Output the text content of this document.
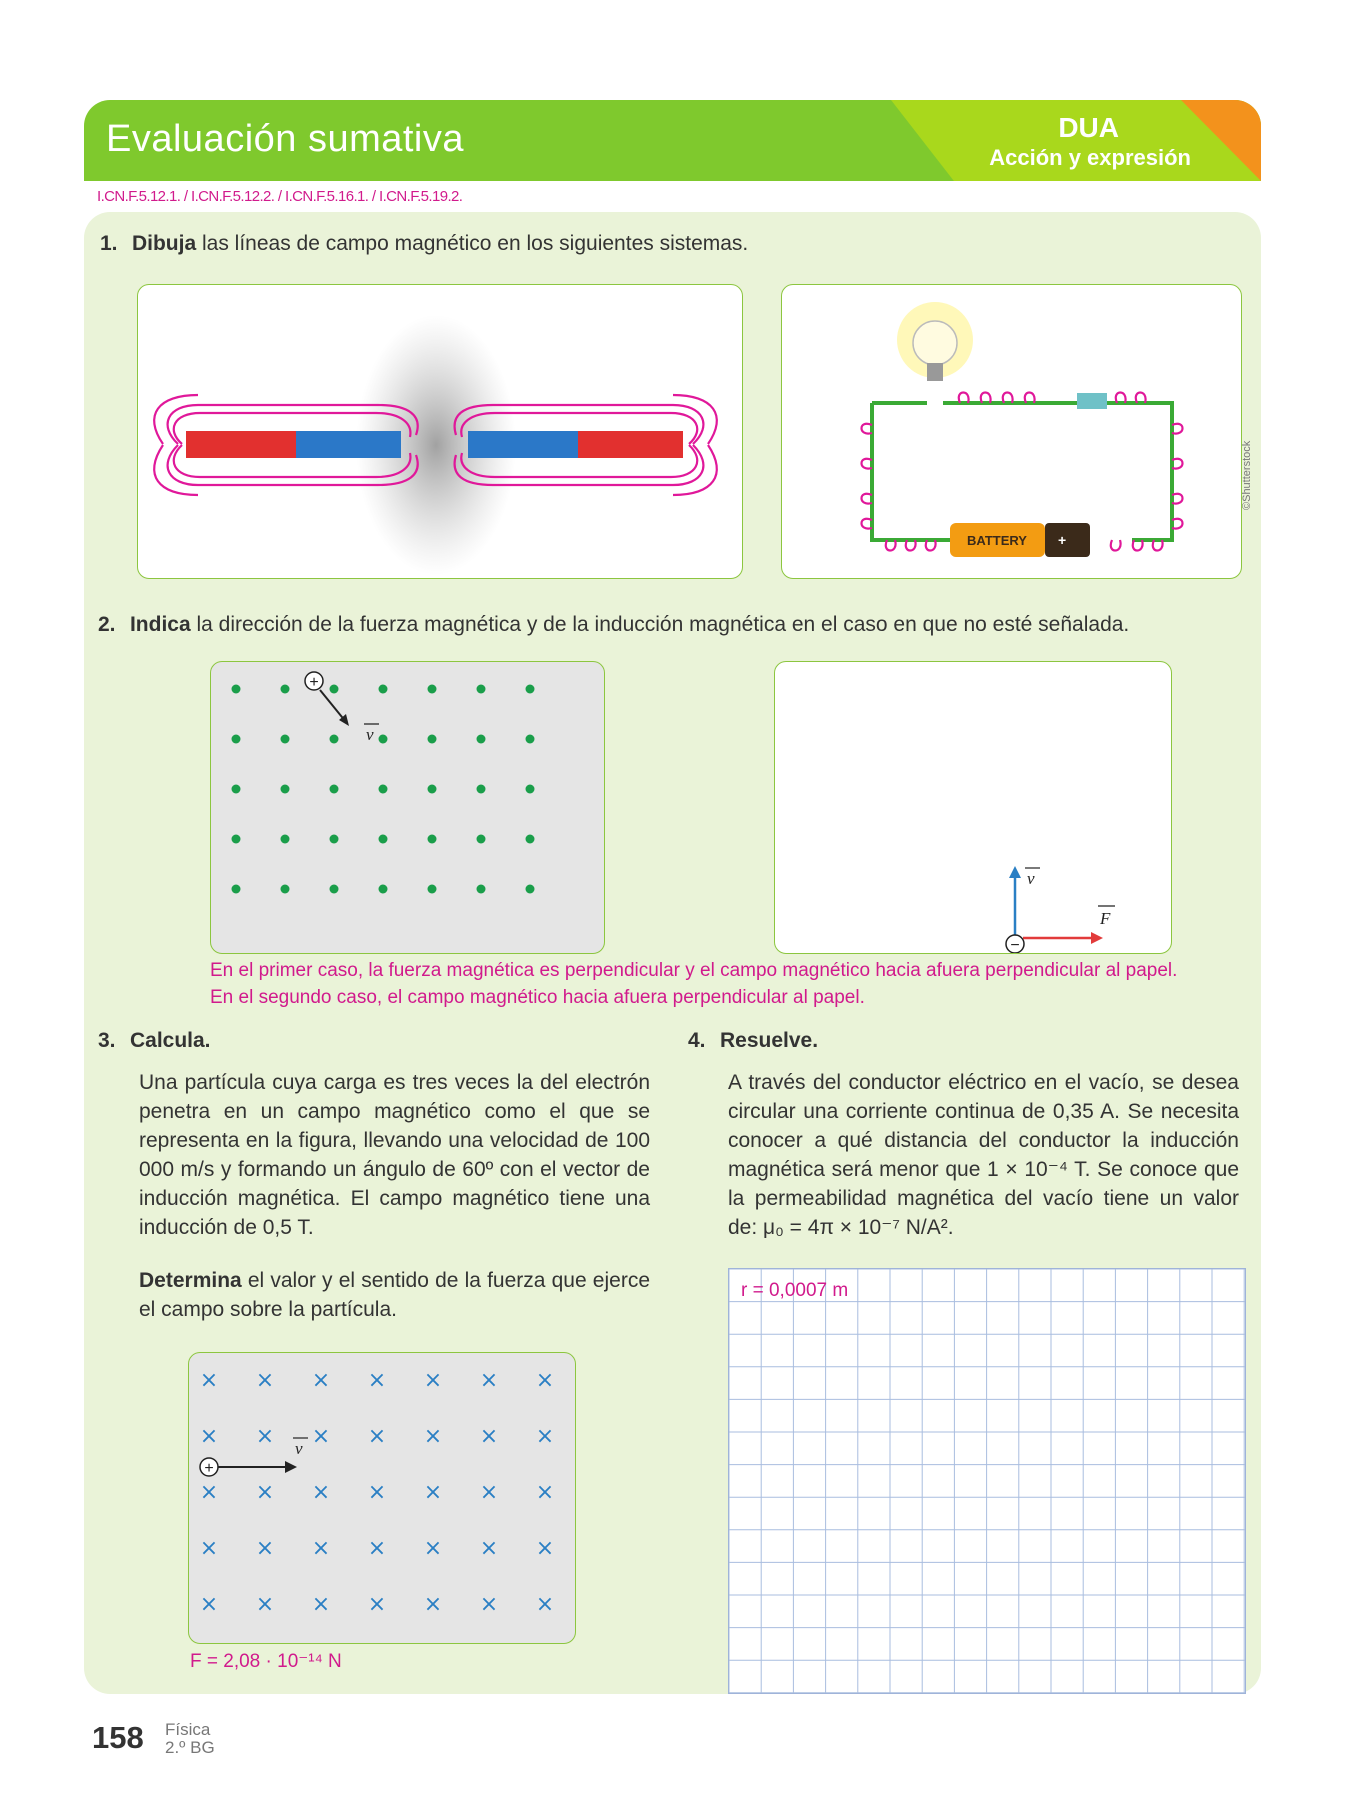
Evaluación sumativa	DUA
Acción y expresión
I.CN.F.5.12.1. / I.CN.F.5.12.2. / I.CN.F.5.16.1. / I.CN.F.5.19.2.
1. Dibuja las líneas de campo magnético en los siguientes sistemas.
BATTERY +
©Shutterstock
2. Indica la dirección de la fuerza magnética y de la inducción magnética en el caso en que no esté señalada.
+
v
v
F
−
En el primer caso, la fuerza magnética es perpendicular y el campo magnético hacia afuera perpendicular al papel. En el segundo caso, el campo magnético hacia afuera perpendicular al papel.
3. Calcula.
Una partícula cuya carga es tres veces la del electrón penetra en un campo magnético como el que se representa en la figura, llevando una velocidad de 100 000 m/s y formando un ángulo de 60º con el vector de inducción magnética. El campo magnético tiene una inducción de 0,5 T.
Determina el valor y el sentido de la fuerza que ejerce el campo sobre la partícula.
× × × × × × ×
× × × × × × ×
× × × × × × ×
× × × × × × ×
× × × × × × ×
+
v
F = 2,08 · 10⁻¹⁴ N
4. Resuelve.
A través del conductor eléctrico en el vacío, se desea circular una corriente continua de 0,35 A. Se necesita conocer a qué distancia del conductor la inducción magnética será menor que 1 × 10⁻⁴ T. Se conoce que la permeabilidad magnética del vacío tiene un valor de: μ₀ = 4π × 10⁻⁷ N/A².
r = 0,0007 m
158 Física
2.º BG
